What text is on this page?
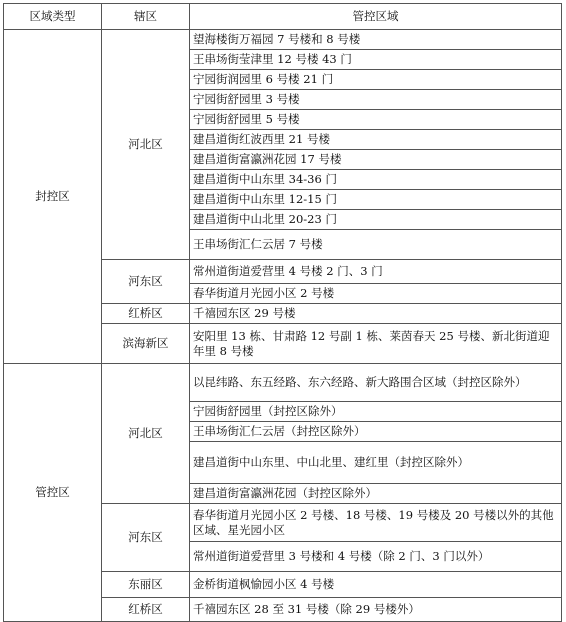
区域类型	辖区	管控区域
封控区	河北区	望海楼街万福园 7 号楼和 8 号楼
		王串场街莹津里 12 号楼 43 门
		宁园街润园里 6 号楼 21 门
		宁园街舒园里 3 号楼
		宁园街舒园里 5 号楼
		建昌道街红波西里 21 号楼
		建昌道街富瀛洲花园 17 号楼
		建昌道街中山东里 34-36 门
		建昌道街中山东里 12-15 门
		建昌道街中山北里 20-23 门
		王串场街汇仁云居 7 号楼
	河东区	常州道街道爱营里 4 号楼 2 门、3 门
		春华街道月光园小区 2 号楼
	红桥区	千禧园东区 29 号楼
	滨海新区	安阳里 13 栋、甘肃路 12 号副 1 栋、莱茵春天 25 号楼、新北街道迎年里 8 号楼
管控区	河北区	以昆纬路、东五经路、东六经路、新大路围合区域（封控区除外）
		宁园街舒园里（封控区除外）
		王串场街汇仁云居（封控区除外）
		建昌道街中山东里、中山北里、建红里（封控区除外）
		建昌道街富瀛洲花园（封控区除外）
	河东区	春华街道月光园小区 2 号楼、18 号楼、19 号楼及 20 号楼以外的其他区域、星光园小区
		常州道街道爱营里 3 号楼和 4 号楼（除 2 门、3 门以外）
	东丽区	金桥街道枫愉园小区 4 号楼
	红桥区	千禧园东区 28 至 31 号楼（除 29 号楼外）
